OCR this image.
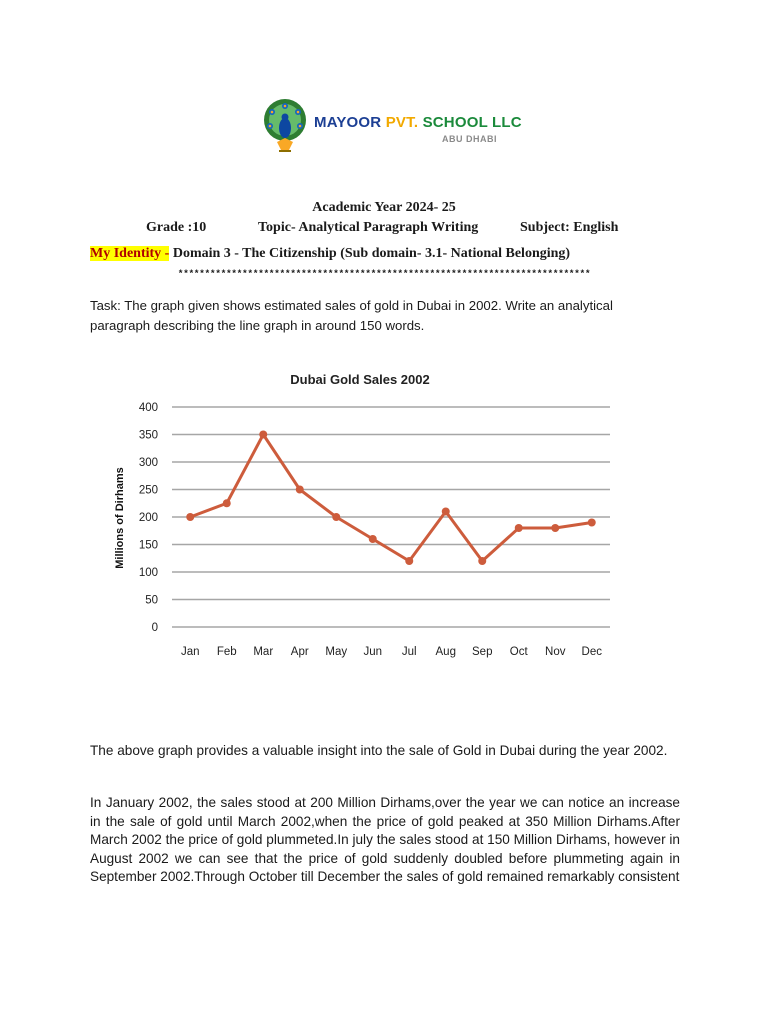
MAYOOR PVT. SCHOOL LLC
ABU DHABI
Academic Year 2024- 25
Grade :10	Topic- Analytical Paragraph Writing	Subject: English
My Identity - Domain 3 - The Citizenship (Sub domain- 3.1- National Belonging)
*****************************************************************************
Task: The graph given shows estimated sales of gold in Dubai in 2002. Write an analytical paragraph describing the line graph in around 150 words.
Dubai Gold Sales 2002
Millions of Dirhams
0
50
100
150
200
250
300
350
400
Jan Feb Mar Apr May Jun Jul Aug Sep Oct Nov Dec
The above graph provides a valuable insight into the sale of Gold in Dubai during the year 2002.
In January 2002, the sales stood at 200 Million Dirhams,over the year we can notice an increase in the sale of gold until March 2002,when the price of gold peaked at 350 Million Dirhams.After March 2002 the price of gold plummeted.In july the sales stood at 150 Million Dirhams, however in August 2002 we can see that the price of gold suddenly doubled before plummeting again in September 2002.Through October till December the sales of gold remained remarkably consistent
